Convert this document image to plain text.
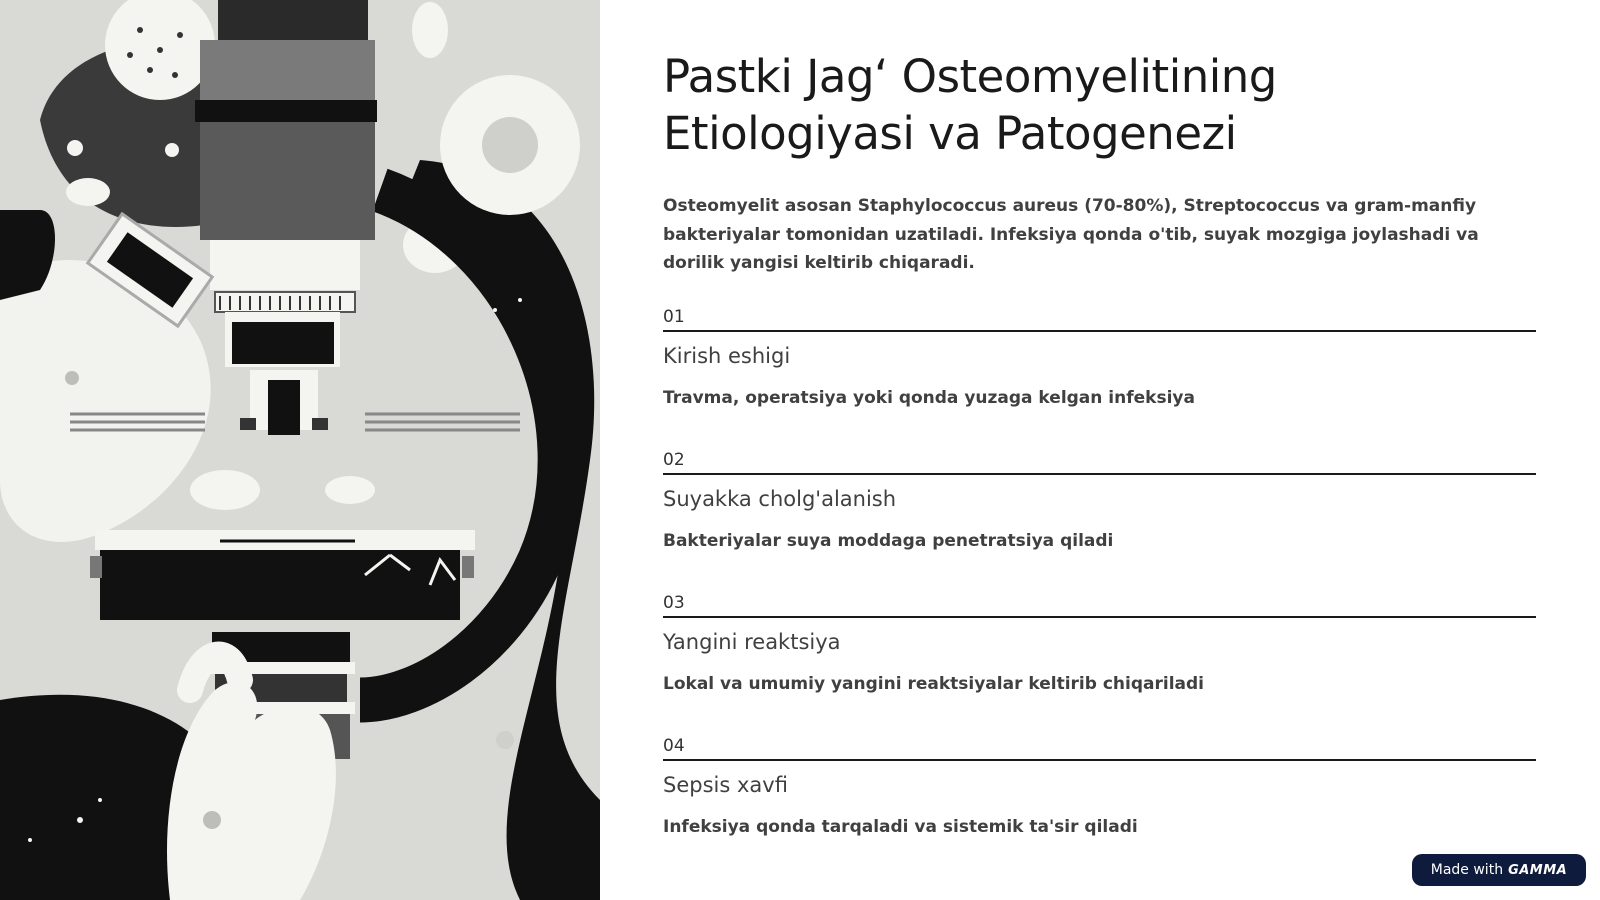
Pastki Jag‘ Osteomyelitining Etiologiyasi va Patogenezi
Osteomyelit asosan Staphylococcus aureus (70-80%), Streptococcus va gram-manfiy bakteriyalar tomonidan uzatiladi. Infeksiya qonda o'tib, suyak mozgiga joylashadi va dorilik yangisi keltirib chiqaradi.
01
Kirish eshigi
Travma, operatsiya yoki qonda yuzaga kelgan infeksiya
02
Suyakka cholg'alanish
Bakteriyalar suya moddaga penetratsiya qiladi
03
Yangini reaktsiya
Lokal va umumiy yangini reaktsiyalar keltirib chiqariladi
04
Sepsis xavfi
Infeksiya qonda tarqaladi va sistemik ta'sir qiladi
Made with GAMMA
